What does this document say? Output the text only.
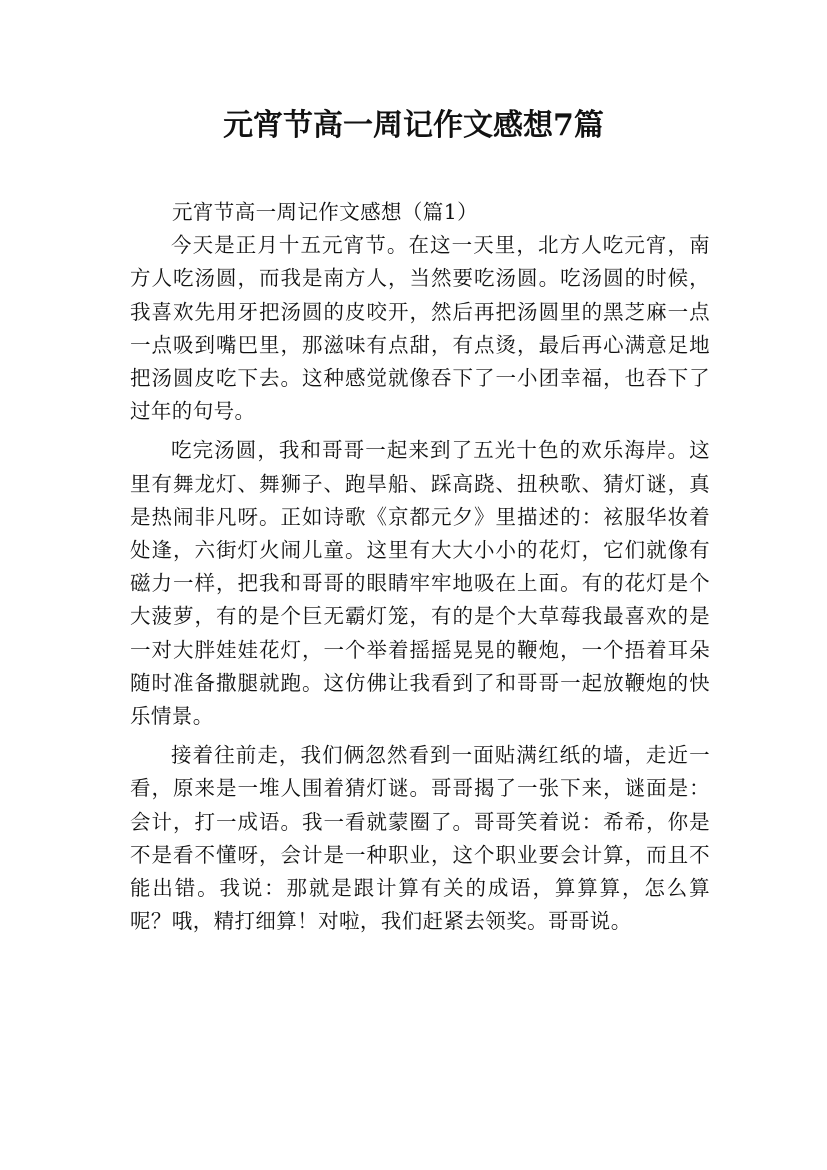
元宵节高一周记作文感想7篇

元宵节高一周记作文感想（篇1）

今天是正月十五元宵节。在这一天里，北方人吃元宵，南方人吃汤圆，而我是南方人，当然要吃汤圆。吃汤圆的时候，我喜欢先用牙把汤圆的皮咬开，然后再把汤圆里的黑芝麻一点一点吸到嘴巴里，那滋味有点甜，有点烫，最后再心满意足地把汤圆皮吃下去。这种感觉就像吞下了一小团幸福，也吞下了过年的句号。

吃完汤圆，我和哥哥一起来到了五光十色的欢乐海岸。这里有舞龙灯、舞狮子、跑旱船、踩高跷、扭秧歌、猜灯谜，真是热闹非凡呀。正如诗歌《京都元夕》里描述的：袨服华妆着处逢，六街灯火闹儿童。这里有大大小小的花灯，它们就像有磁力一样，把我和哥哥的眼睛牢牢地吸在上面。有的花灯是个大菠萝，有的是个巨无霸灯笼，有的是个大草莓我最喜欢的是一对大胖娃娃花灯，一个举着摇摇晃晃的鞭炮，一个捂着耳朵随时准备撒腿就跑。这仿佛让我看到了和哥哥一起放鞭炮的快乐情景。

接着往前走，我们俩忽然看到一面贴满红纸的墙，走近一看，原来是一堆人围着猜灯谜。哥哥揭了一张下来，谜面是：会计，打一成语。我一看就蒙圈了。哥哥笑着说：希希，你是不是看不懂呀，会计是一种职业，这个职业要会计算，而且不能出错。我说：那就是跟计算有关的成语，算算算，怎么算呢？哦，精打细算！对啦，我们赶紧去领奖。哥哥说。
